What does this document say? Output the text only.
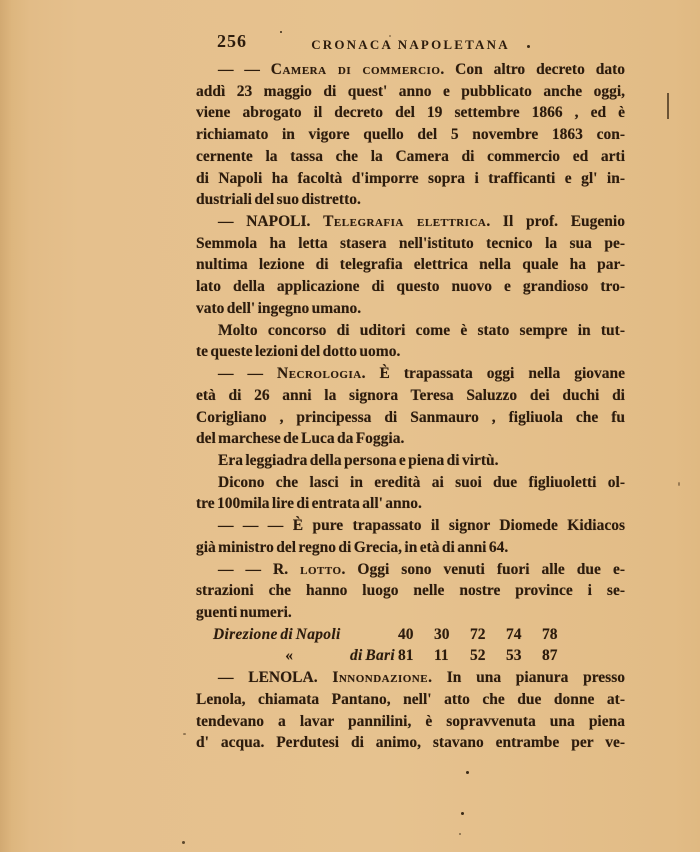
256	CRONACA NAPOLETANA
— — Camera di commercio. Con altro decreto dato
addì 23 maggio di quest' anno e pubblicato anche oggi,
viene abrogato il decreto del 19 settembre 1866 , ed è
richiamato in vigore quello del 5 novembre 1863 con-
cernente la tassa che la Camera di commercio ed arti
di Napoli ha facoltà d'imporre sopra i trafficanti e gl' in-
dustriali del suo distretto.
— NAPOLI. Telegrafia elettrica. Il prof. Eugenio
Semmola ha letta stasera nell'istituto tecnico la sua pe-
nultima lezione di telegrafia elettrica nella quale ha par-
lato della applicazione di questo nuovo e grandioso tro-
vato dell' ingegno umano.
Molto concorso di uditori come è stato sempre in tut-
te queste lezioni del dotto uomo.
— — Necrologia. È trapassata oggi nella giovane
età di 26 anni la signora Teresa Saluzzo dei duchi di
Corigliano , principessa di Sanmauro , figliuola che fu
del marchese de Luca da Foggia.
Era leggiadra della persona e piena di virtù.
Dicono che lasci in eredità ai suoi due figliuoletti ol-
tre 100mila lire di entrata all' anno.
— — — È pure trapassato il signor Diomede Kidiacos
già ministro del regno di Grecia, in età di anni 64.
— — R. lotto. Oggi sono venuti fuori alle due e-
strazioni che hanno luogo nelle nostre province i se-
guenti numeri.
Direzione di Napoli	40	30	72	74	78
«	di Bari 81	11	52	53	87
— LENOLA. Innondazione. In una pianura presso
Lenola, chiamata Pantano, nell' atto che due donne at-
tendevano a lavar pannilini, è sopravvenuta una piena
d' acqua. Perdutesi di animo, stavano entrambe per ve-
